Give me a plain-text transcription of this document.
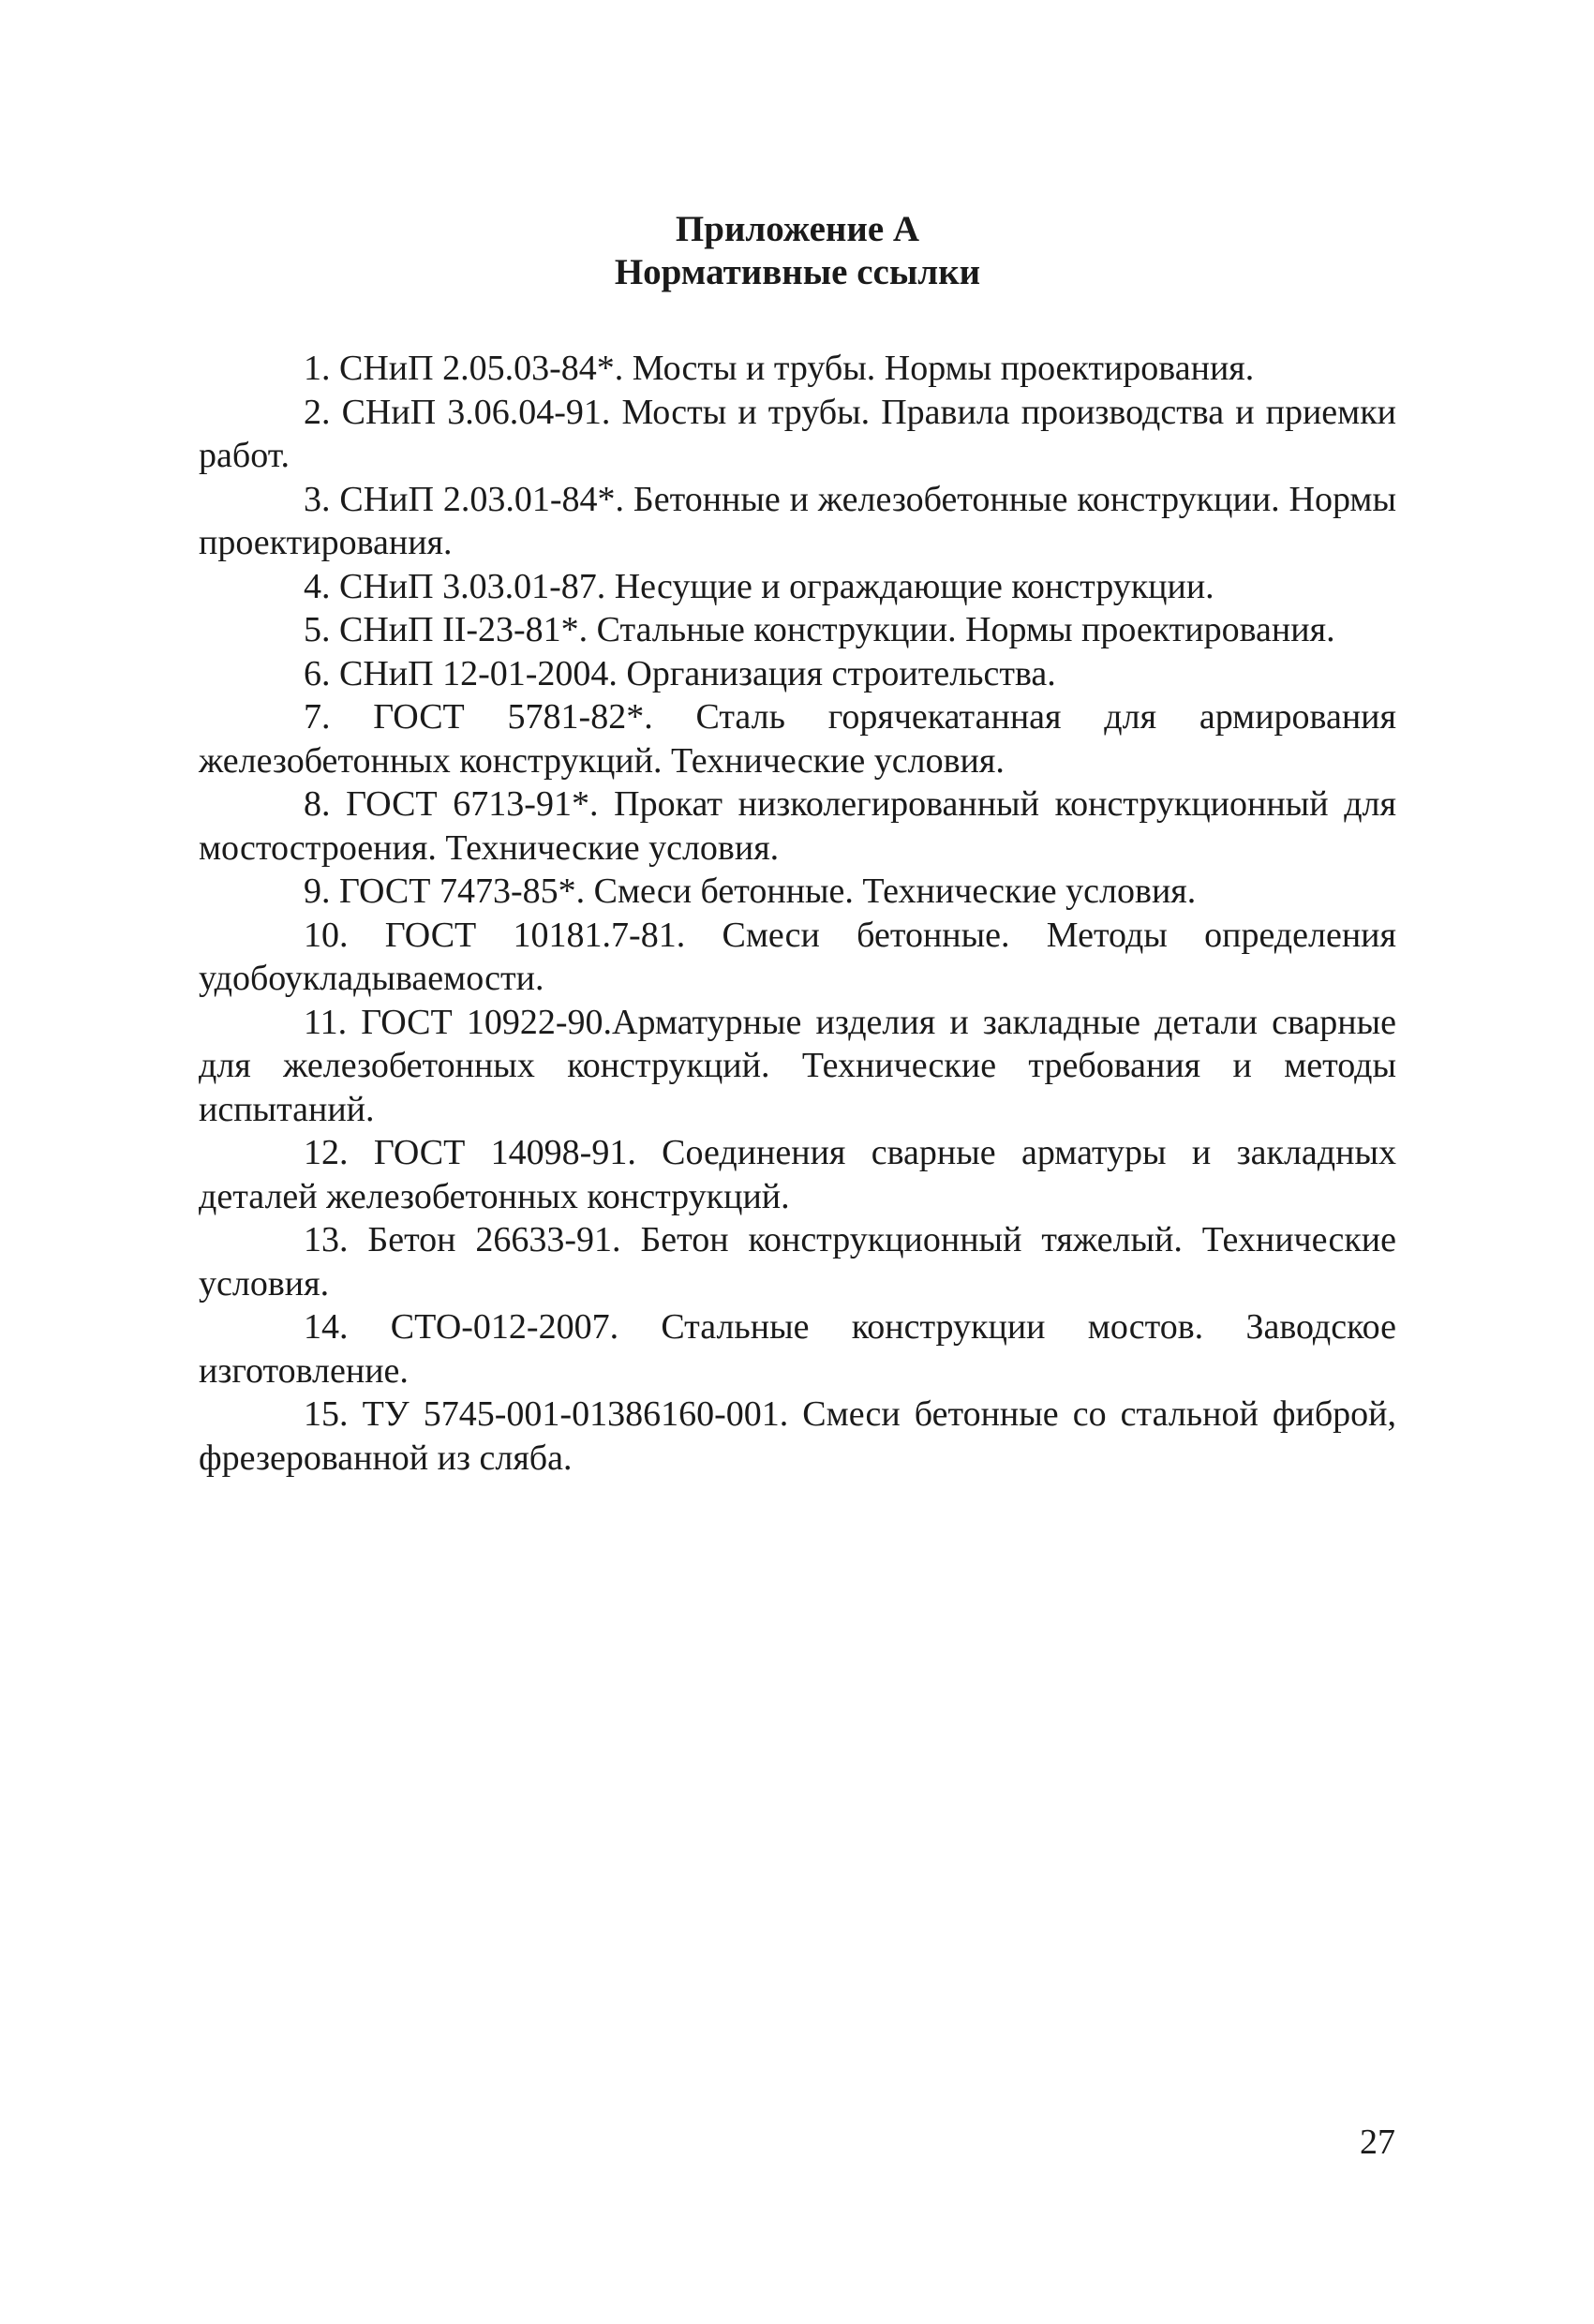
Приложение А
Нормативные ссылки
1. СНиП 2.05.03-84*. Мосты и трубы. Нормы проектирования.
2. СНиП 3.06.04-91. Мосты и трубы. Правила производства и приемки работ.
3. СНиП 2.03.01-84*. Бетонные и железобетонные конструкции. Нормы проектирования.
4. СНиП 3.03.01-87. Несущие и ограждающие конструкции.
5. СНиП II-23-81*. Стальные конструкции. Нормы проектирования.
6. СНиП 12-01-2004. Организация строительства.
7. ГОСТ 5781-82*. Сталь горячекатанная для армирования железобетонных конструкций. Технические условия.
8. ГОСТ 6713-91*. Прокат низколегированный конструкционный для мостостроения. Технические условия.
9. ГОСТ 7473-85*. Смеси бетонные. Технические условия.
10. ГОСТ 10181.7-81. Смеси бетонные. Методы определения удобоукладываемости.
11. ГОСТ 10922-90.Арматурные изделия и закладные детали сварные для железобетонных конструкций. Технические требования и методы испытаний.
12. ГОСТ 14098-91. Соединения сварные арматуры и закладных деталей железобетонных конструкций.
13. Бетон 26633-91. Бетон конструкционный тяжелый. Технические условия.
14. СТО-012-2007. Стальные конструкции мостов. Заводское изготовление.
15. ТУ 5745-001-01386160-001. Смеси бетонные со стальной фиброй, фрезерованной из сляба.
27
